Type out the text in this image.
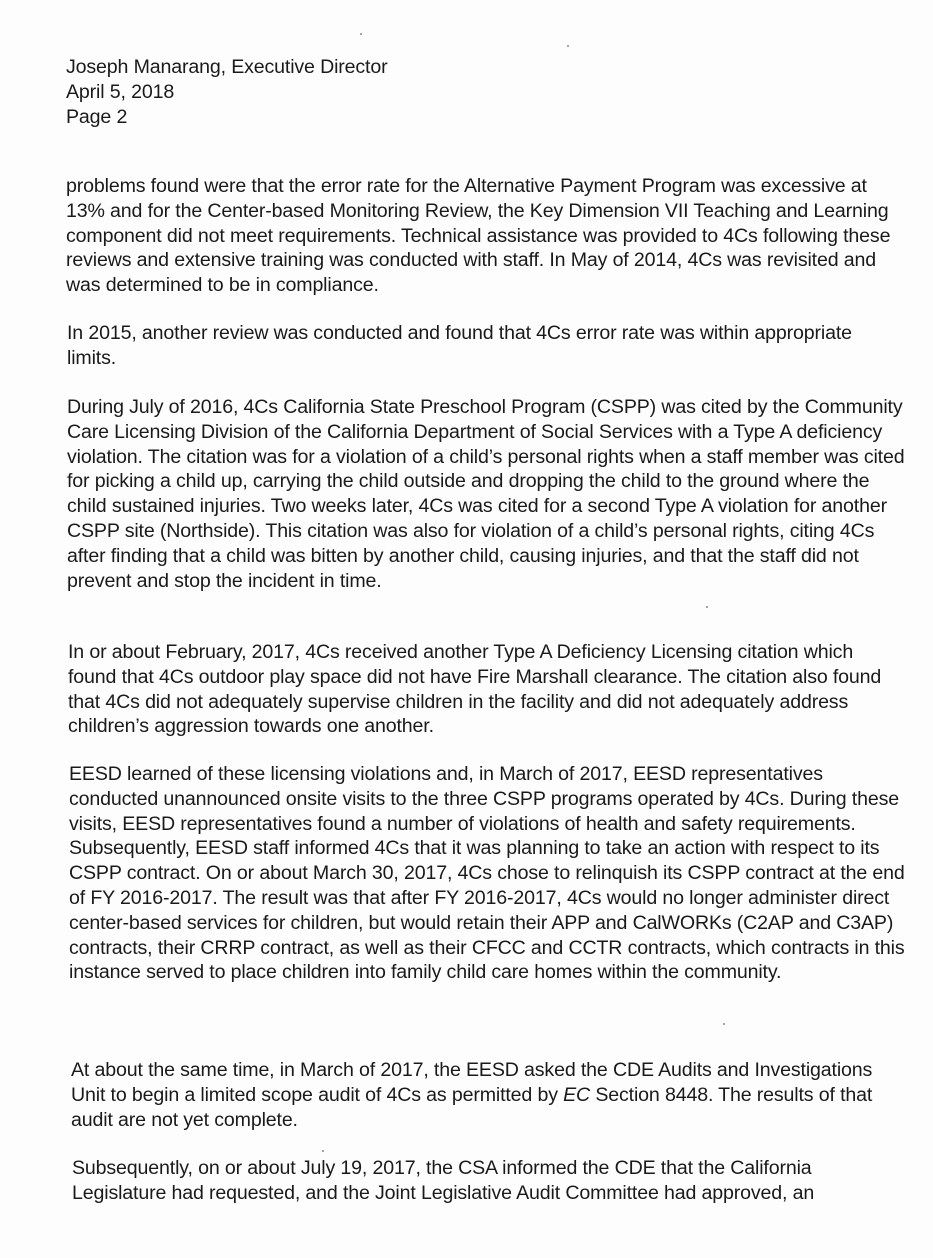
Joseph Manarang, Executive Director
April 5, 2018
Page 2

problems found were that the error rate for the Alternative Payment Program was excessive at 13% and for the Center-based Monitoring Review, the Key Dimension VII Teaching and Learning component did not meet requirements. Technical assistance was provided to 4Cs following these reviews and extensive training was conducted with staff. In May of 2014, 4Cs was revisited and was determined to be in compliance.

In 2015, another review was conducted and found that 4Cs error rate was within appropriate limits.

During July of 2016, 4Cs California State Preschool Program (CSPP) was cited by the Community Care Licensing Division of the California Department of Social Services with a Type A deficiency violation. The citation was for a violation of a child’s personal rights when a staff member was cited for picking a child up, carrying the child outside and dropping the child to the ground where the child sustained injuries. Two weeks later, 4Cs was cited for a second Type A violation for another CSPP site (Northside). This citation was also for violation of a child’s personal rights, citing 4Cs after finding that a child was bitten by another child, causing injuries, and that the staff did not prevent and stop the incident in time.

In or about February, 2017, 4Cs received another Type A Deficiency Licensing citation which found that 4Cs outdoor play space did not have Fire Marshall clearance. The citation also found that 4Cs did not adequately supervise children in the facility and did not adequately address children’s aggression towards one another.

EESD learned of these licensing violations and, in March of 2017, EESD representatives conducted unannounced onsite visits to the three CSPP programs operated by 4Cs. During these visits, EESD representatives found a number of violations of health and safety requirements. Subsequently, EESD staff informed 4Cs that it was planning to take an action with respect to its CSPP contract. On or about March 30, 2017, 4Cs chose to relinquish its CSPP contract at the end of FY 2016-2017. The result was that after FY 2016-2017, 4Cs would no longer administer direct center-based services for children, but would retain their APP and CalWORKs (C2AP and C3AP) contracts, their CRRP contract, as well as their CFCC and CCTR contracts, which contracts in this instance served to place children into family child care homes within the community.

At about the same time, in March of 2017, the EESD asked the CDE Audits and Investigations Unit to begin a limited scope audit of 4Cs as permitted by EC Section 8448. The results of that audit are not yet complete.

Subsequently, on or about July 19, 2017, the CSA informed the CDE that the California Legislature had requested, and the Joint Legislative Audit Committee had approved, an
